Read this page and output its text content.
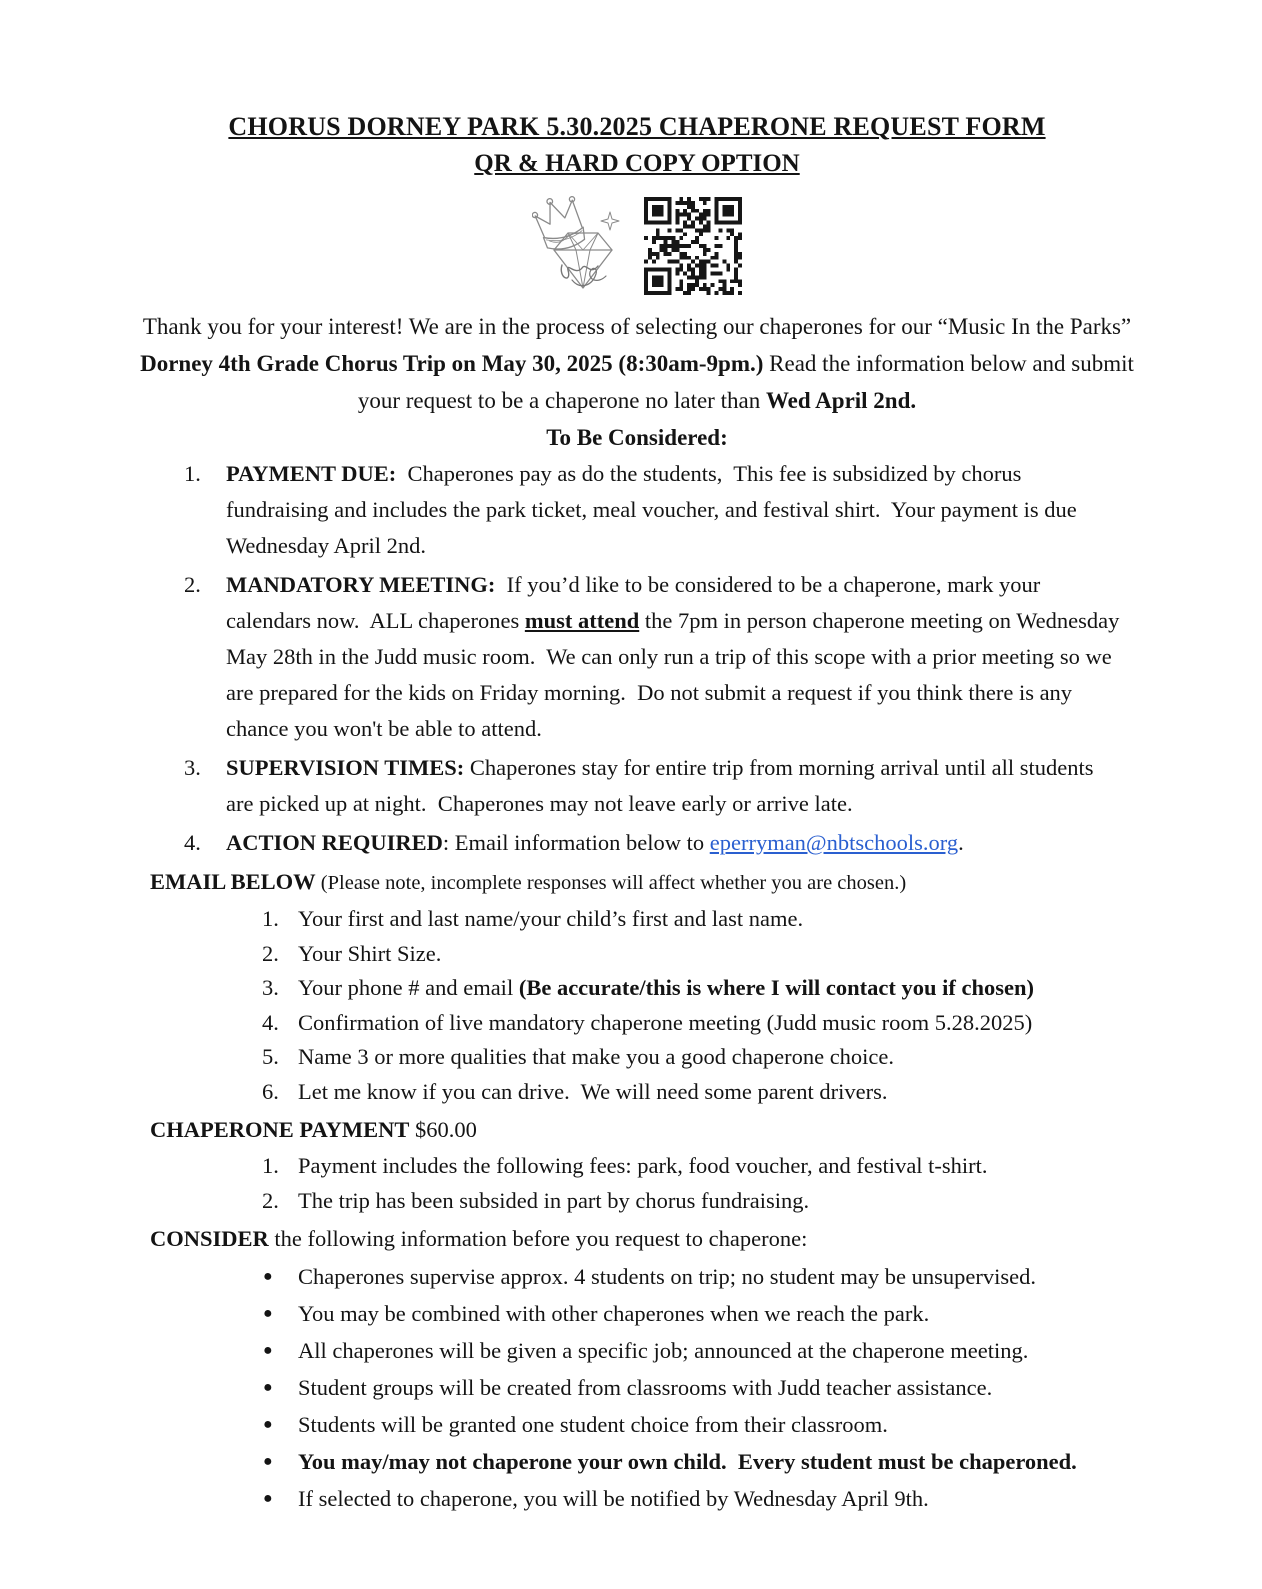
CHORUS DORNEY PARK 5.30.2025 CHAPERONE REQUEST FORM
QR & HARD COPY OPTION

Thank you for your interest! We are in the process of selecting our chaperones for our “Music In the Parks” Dorney 4th Grade Chorus Trip on May 30, 2025 (8:30am-9pm.) Read the information below and submit your request to be a chaperone no later than Wed April 2nd.

To Be Considered:

1.	PAYMENT DUE:  Chaperones pay as do the students,  This fee is subsidized by chorus fundraising and includes the park ticket, meal voucher, and festival shirt.  Your payment is due Wednesday April 2nd.
2.	MANDATORY MEETING:  If you’d like to be considered to be a chaperone, mark your calendars now.  ALL chaperones must attend the 7pm in person chaperone meeting on Wednesday May 28th in the Judd music room.  We can only run a trip of this scope with a prior meeting so we are prepared for the kids on Friday morning.  Do not submit a request if you think there is any chance you won't be able to attend.
3.	SUPERVISION TIMES: Chaperones stay for entire trip from morning arrival until all students are picked up at night.  Chaperones may not leave early or arrive late.
4.	ACTION REQUIRED: Email information below to eperryman@nbtschools.org.

EMAIL BELOW (Please note, incomplete responses will affect whether you are chosen.)

1. Your first and last name/your child’s first and last name.
2. Your Shirt Size.
3. Your phone # and email (Be accurate/this is where I will contact you if chosen)
4. Confirmation of live mandatory chaperone meeting (Judd music room 5.28.2025)
5. Name 3 or more qualities that make you a good chaperone choice.
6. Let me know if you can drive.  We will need some parent drivers.

CHAPERONE PAYMENT $60.00

1. Payment includes the following fees: park, food voucher, and festival t-shirt.
2. The trip has been subsided in part by chorus fundraising.

CONSIDER the following information before you request to chaperone:

●	Chaperones supervise approx. 4 students on trip; no student may be unsupervised.
●	You may be combined with other chaperones when we reach the park.
●	All chaperones will be given a specific job; announced at the chaperone meeting.
●	Student groups will be created from classrooms with Judd teacher assistance.
●	Students will be granted one student choice from their classroom.
●	You may/may not chaperone your own child.  Every student must be chaperoned.
●	If selected to chaperone, you will be notified by Wednesday April 9th.
